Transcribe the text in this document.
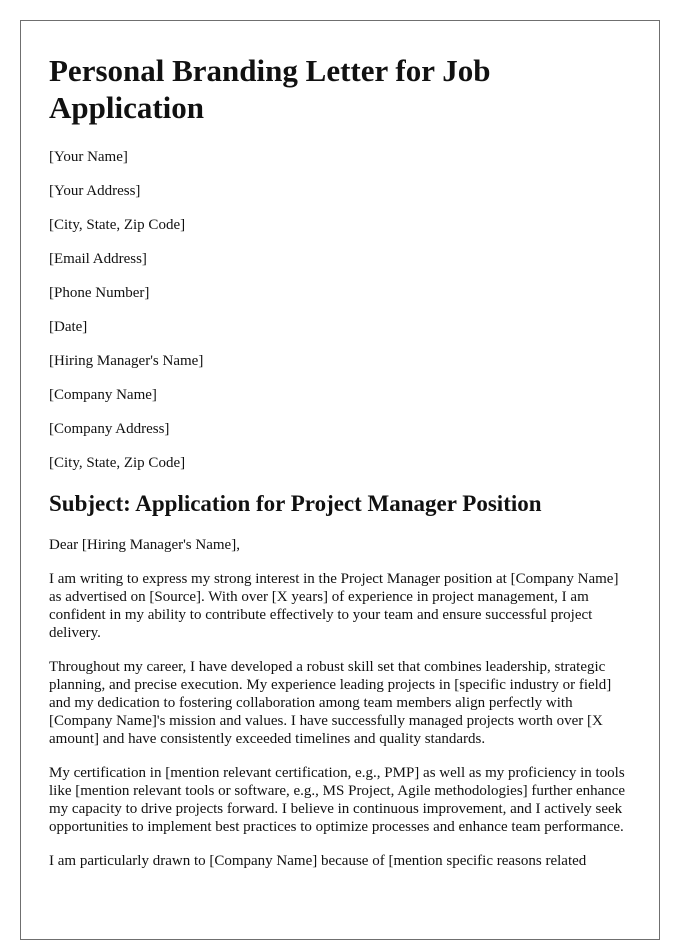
Personal Branding Letter for Job Application
[Your Name]
[Your Address]
[City, State, Zip Code]
[Email Address]
[Phone Number]
[Date]
[Hiring Manager's Name]
[Company Name]
[Company Address]
[City, State, Zip Code]
Subject: Application for Project Manager Position

Dear [Hiring Manager's Name],

I am writing to express my strong interest in the Project Manager position at [Company Name] as advertised on [Source]. With over [X years] of experience in project management, I am confident in my ability to contribute effectively to your team and ensure successful project delivery.

Throughout my career, I have developed a robust skill set that combines leadership, strategic planning, and precise execution. My experience leading projects in [specific industry or field] and my dedication to fostering collaboration among team members align perfectly with [Company Name]'s mission and values. I have successfully managed projects worth over [X amount] and have consistently exceeded timelines and quality standards.

My certification in [mention relevant certification, e.g., PMP] as well as my proficiency in tools like [mention relevant tools or software, e.g., MS Project, Agile methodologies] further enhance my capacity to drive projects forward. I believe in continuous improvement, and I actively seek opportunities to implement best practices to optimize processes and enhance team performance.

I am particularly drawn to [Company Name] because of [mention specific reasons related
